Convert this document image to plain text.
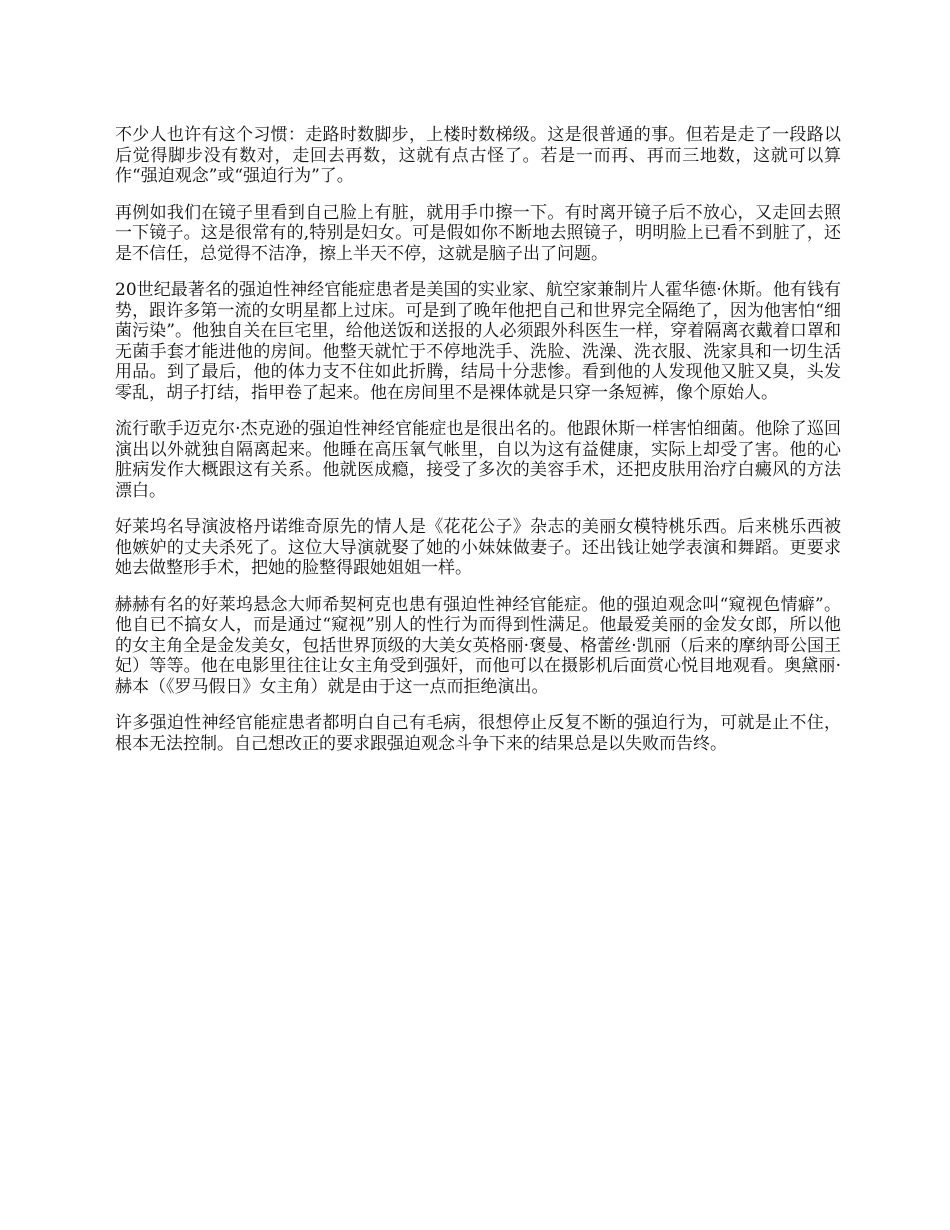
不少人也许有这个习惯：走路时数脚步，上楼时数梯级。这是很普通的事。但若是走了一段路以后觉得脚步没有数对，走回去再数，这就有点古怪了。若是一而再、再而三地数，这就可以算作“强迫观念”或“强迫行为”了。

再例如我们在镜子里看到自己脸上有脏，就用手巾擦一下。有时离开镜子后不放心，又走回去照一下镜子。这是很常有的,特别是妇女。可是假如你不断地去照镜子，明明脸上已看不到脏了，还是不信任，总觉得不洁净，擦上半天不停，这就是脑子出了问题。

20世纪最著名的强迫性神经官能症患者是美国的实业家、航空家兼制片人霍华德·休斯。他有钱有势，跟许多第一流的女明星都上过床。可是到了晚年他把自己和世界完全隔绝了，因为他害怕“细菌污染”。他独自关在巨宅里，给他送饭和送报的人必须跟外科医生一样，穿着隔离衣戴着口罩和无菌手套才能进他的房间。他整天就忙于不停地洗手、洗脸、洗澡、洗衣服、洗家具和一切生活用品。到了最后，他的体力支不住如此折腾，结局十分悲惨。看到他的人发现他又脏又臭，头发零乱，胡子打结，指甲卷了起来。他在房间里不是裸体就是只穿一条短裤，像个原始人。

流行歌手迈克尔·杰克逊的强迫性神经官能症也是很出名的。他跟休斯一样害怕细菌。他除了巡回演出以外就独自隔离起来。他睡在高压氧气帐里，自以为这有益健康，实际上却受了害。他的心脏病发作大概跟这有关系。他就医成瘾，接受了多次的美容手术，还把皮肤用治疗白癜风的方法漂白。

好莱坞名导演波格丹诺维奇原先的情人是《花花公子》杂志的美丽女模特桃乐西。后来桃乐西被他嫉妒的丈夫杀死了。这位大导演就娶了她的小妹妹做妻子。还出钱让她学表演和舞蹈。更要求她去做整形手术，把她的脸整得跟她姐姐一样。

赫赫有名的好莱坞悬念大师希契柯克也患有强迫性神经官能症。他的强迫观念叫“窥视色情癖”。他自已不搞女人，而是通过“窥视”别人的性行为而得到性满足。他最爱美丽的金发女郎，所以他的女主角全是金发美女，包括世界顶级的大美女英格丽·褒曼、格蕾丝·凯丽（后来的摩纳哥公国王妃）等等。他在电影里往往让女主角受到强奸，而他可以在摄影机后面赏心悦目地观看。奥黛丽·赫本（《罗马假日》女主角）就是由于这一点而拒绝演出。

许多强迫性神经官能症患者都明白自己有毛病，很想停止反复不断的强迫行为，可就是止不住，根本无法控制。自己想改正的要求跟强迫观念斗争下来的结果总是以失败而告终。
